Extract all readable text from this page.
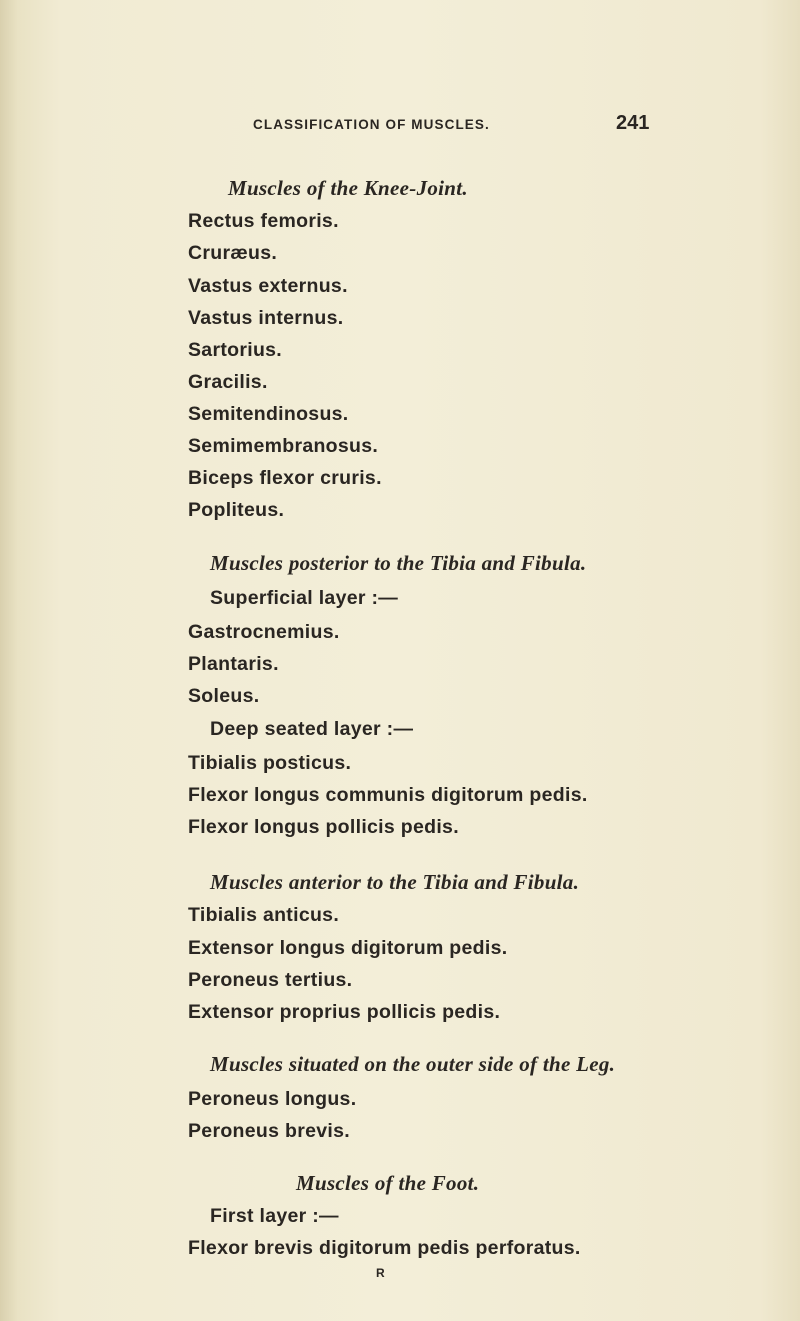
CLASSIFICATION OF MUSCLES.	241
Muscles of the Knee-Joint.
Rectus femoris.
Cruræus.
Vastus externus.
Vastus internus.
Sartorius.
Gracilis.
Semitendinosus.
Semimembranosus.
Biceps flexor cruris.
Popliteus.
Muscles posterior to the Tibia and Fibula.
Superficial layer :—
Gastrocnemius.
Plantaris.
Soleus.
Deep seated layer :—
Tibialis posticus.
Flexor longus communis digitorum pedis.
Flexor longus pollicis pedis.
Muscles anterior to the Tibia and Fibula.
Tibialis anticus.
Extensor longus digitorum pedis.
Peroneus tertius.
Extensor proprius pollicis pedis.
Muscles situated on the outer side of the Leg.
Peroneus longus.
Peroneus brevis.
Muscles of the Foot.
First layer :—
Flexor brevis digitorum pedis perforatus.
R
